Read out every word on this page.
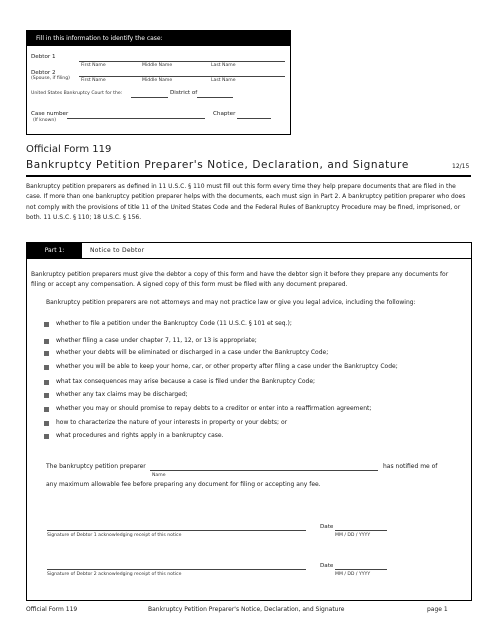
Fill in this information to identify the case:
Debtor 1
First Name	Middle Name	Last Name
Debtor 2
(Spouse, if filing) First Name	Middle Name	Last Name
United States Bankruptcy Court for the:	District of
Case number
(If known)
Chapter
Official Form 119
Bankruptcy Petition Preparer's Notice, Declaration, and Signature	12/15
Bankruptcy petition preparers as defined in 11 U.S.C. § 110 must fill out this form every time they help prepare documents that are filed in the case. If more than one bankruptcy petition preparer helps with the documents, each must sign in Part 2. A bankruptcy petition preparer who does not comply with the provisions of title 11 of the United States Code and the Federal Rules of Bankruptcy Procedure may be fined, imprisoned, or both. 11 U.S.C. § 110; 18 U.S.C. § 156.
Part 1:	Notice to Debtor
Bankruptcy petition preparers must give the debtor a copy of this form and have the debtor sign it before they prepare any documents for filing or accept any compensation. A signed copy of this form must be filed with any document prepared.
Bankruptcy petition preparers are not attorneys and may not practice law or give you legal advice, including the following:
whether to file a petition under the Bankruptcy Code (11 U.S.C. § 101 et seq.);
whether filing a case under chapter 7, 11, 12, or 13 is appropriate;
whether your debts will be eliminated or discharged in a case under the Bankruptcy Code;
whether you will be able to keep your home, car, or other property after filing a case under the Bankruptcy Code;
what tax consequences may arise because a case is filed under the Bankruptcy Code;
whether any tax claims may be discharged;
whether you may or should promise to repay debts to a creditor or enter into a reaffirmation agreement;
how to characterize the nature of your interests in property or your debts; or
what procedures and rights apply in a bankruptcy case.
The bankruptcy petition preparer	has notified me of
Name
any maximum allowable fee before preparing any document for filing or accepting any fee.
Signature of Debtor 1 acknowledging receipt of this notice
Date
MM / DD / YYYY
Signature of Debtor 2 acknowledging receipt of this notice
Date
MM / DD / YYYY
Official Form 119	Bankruptcy Petition Preparer's Notice, Declaration, and Signature	page 1
